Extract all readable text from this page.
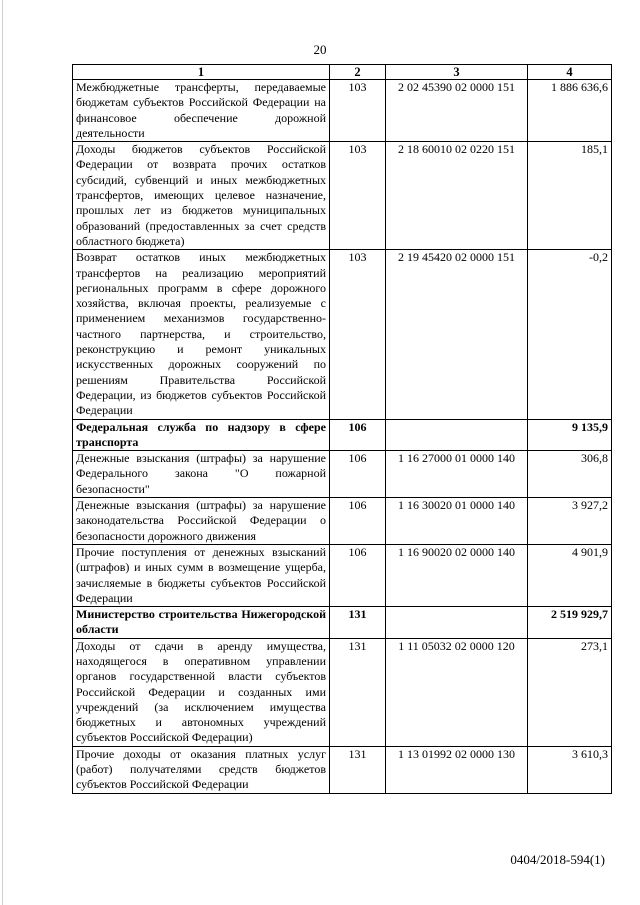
20
1	2	3	4
Межбюджетные трансферты, передаваемые бюджетам субъектов Российской Федерации на финансовое обеспечение дорожной деятельности	103	2 02 45390 02 0000 151	1 886 636,6
Доходы бюджетов субъектов Российской Федерации от возврата прочих остатков субсидий, субвенций и иных межбюджетных трансфертов, имеющих целевое назначение, прошлых лет из бюджетов муниципальных образований (предоставленных за счет средств областного бюджета)	103	2 18 60010 02 0220 151	185,1
Возврат остатков иных межбюджетных трансфертов на реализацию мероприятий региональных программ в сфере дорожного хозяйства, включая проекты, реализуемые с применением механизмов государственно-частного партнерства, и строительство, реконструкцию и ремонт уникальных искусственных дорожных сооружений по решениям Правительства Российской Федерации, из бюджетов субъектов Российской Федерации	103	2 19 45420 02 0000 151	-0,2
Федеральная служба по надзору в сфере транспорта	106		9 135,9
Денежные взыскания (штрафы) за нарушение Федерального закона "О пожарной безопасности"	106	1 16 27000 01 0000 140	306,8
Денежные взыскания (штрафы) за нарушение законодательства Российской Федерации о безопасности дорожного движения	106	1 16 30020 01 0000 140	3 927,2
Прочие поступления от денежных взысканий (штрафов) и иных сумм в возмещение ущерба, зачисляемые в бюджеты субъектов Российской Федерации	106	1 16 90020 02 0000 140	4 901,9
Министерство строительства Нижегородской области	131		2 519 929,7
Доходы от сдачи в аренду имущества, находящегося в оперативном управлении органов государственной власти субъектов Российской Федерации и созданных ими учреждений (за исключением имущества бюджетных и автономных учреждений субъектов Российской Федерации)	131	1 11 05032 02 0000 120	273,1
Прочие доходы от оказания платных услуг (работ) получателями средств бюджетов субъектов Российской Федерации	131	1 13 01992 02 0000 130	3 610,3
0404/2018-594(1)
